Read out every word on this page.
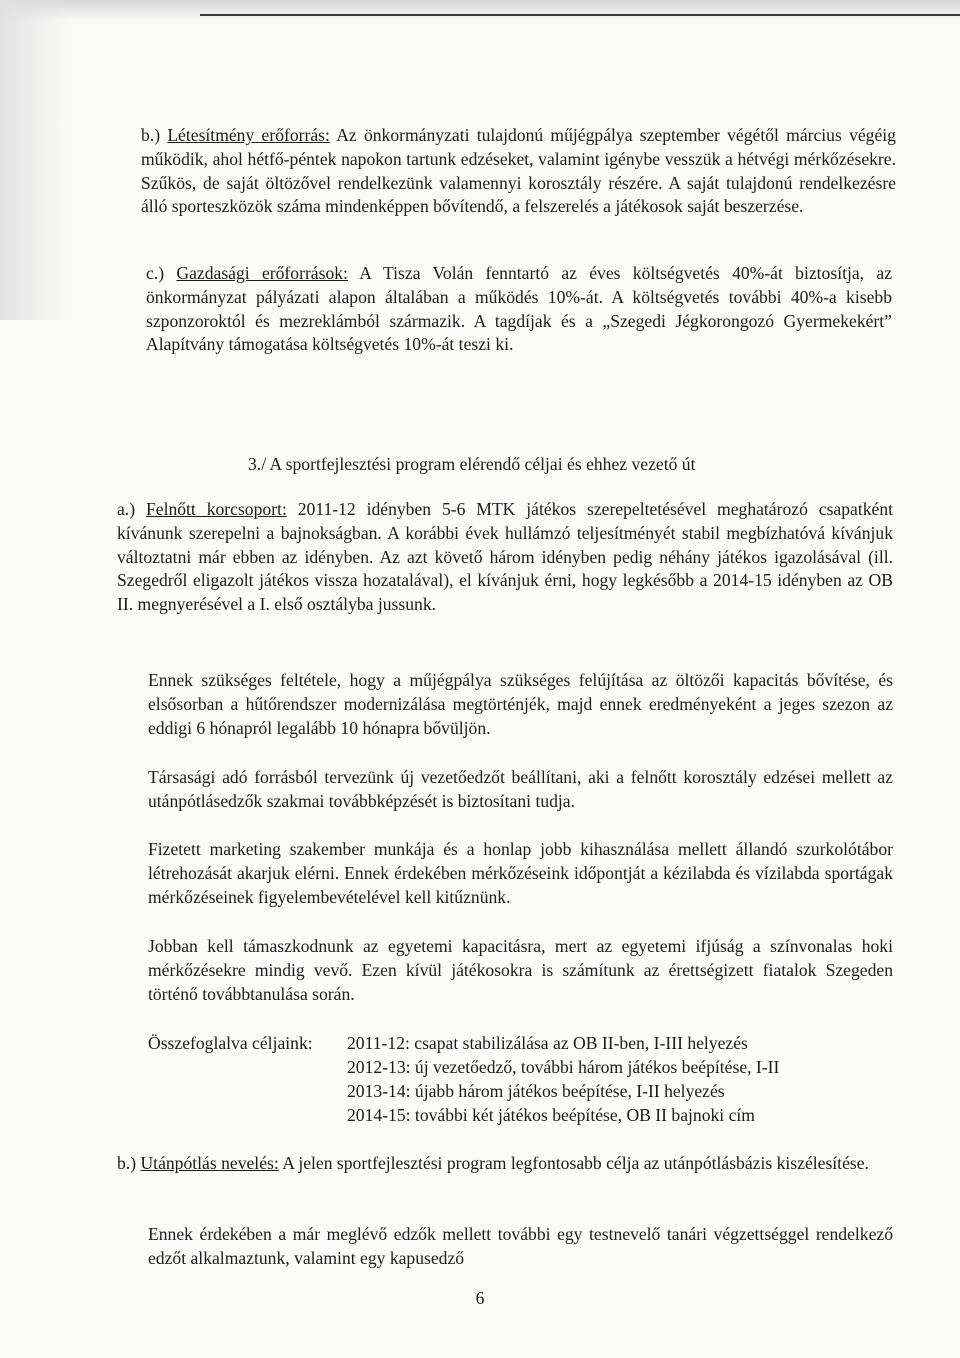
b.) Létesítmény erőforrás: Az önkormányzati tulajdonú műjégpálya szeptember végétől március végéig működik, ahol hétfő-péntek napokon tartunk edzéseket, valamint igénybe vesszük a hétvégi mérkőzésekre. Szűkös, de saját öltözővel rendelkezünk valamennyi korosztály részére. A saját tulajdonú rendelkezésre álló sporteszközök száma mindenképpen bővítendő, a felszerelés a játékosok saját beszerzése.

c.) Gazdasági erőforrások: A Tisza Volán fenntartó az éves költségvetés 40%-át biztosítja, az önkormányzat pályázati alapon általában a működés 10%-át. A költségvetés további 40%-a kisebb szponzoroktól és mezreklámból származik. A tagdíjak és a „Szegedi Jégkorongozó Gyermekekért” Alapítvány támogatása költségvetés 10%-át teszi ki.

3./ A sportfejlesztési program elérendő céljai és ehhez vezető út

a.) Felnőtt korcsoport: 2011-12 idényben 5-6 MTK játékos szerepeltetésével meghatározó csapatként kívánunk szerepelni a bajnokságban. A korábbi évek hullámzó teljesítményét stabil megbízhatóvá kívánjuk változtatni már ebben az idényben. Az azt követő három idényben pedig néhány játékos igazolásával (ill. Szegedről eligazolt játékos vissza hozatalával), el kívánjuk érni, hogy legkésőbb a 2014-15 idényben az OB II. megnyerésével a I. első osztályba jussunk.

Ennek szükséges feltétele, hogy a műjégpálya szükséges felújítása az öltözői kapacitás bővítése, és elsősorban a hűtőrendszer modernizálása megtörténjék, majd ennek eredményeként a jeges szezon az eddigi 6 hónapról legalább 10 hónapra bővüljön.

Társasági adó forrásból tervezünk új vezetőedzőt beállítani, aki a felnőtt korosztály edzései mellett az utánpótlásedzők szakmai továbbképzését is biztosítani tudja.

Fizetett marketing szakember munkája és a honlap jobb kihasználása mellett állandó szurkolótábor létrehozását akarjuk elérni. Ennek érdekében mérkőzéseink időpontját a kézilabda és vízilabda sportágak mérkőzéseinek figyelembevételével kell kitűznünk.

Jobban kell támaszkodnunk az egyetemi kapacitásra, mert az egyetemi ifjúság a színvonalas hoki mérkőzésekre mindig vevő. Ezen kívül játékosokra is számítunk az érettségizett fiatalok Szegeden történő továbbtanulása során.

Összefoglalva céljaink: 2011-12: csapat stabilizálása az OB II-ben, I-III helyezés
2012-13: új vezetőedző, további három játékos beépítése, I-II
2013-14: újabb három játékos beépítése, I-II helyezés
2014-15: további két játékos beépítése, OB II bajnoki cím

b.) Utánpótlás nevelés: A jelen sportfejlesztési program legfontosabb célja az utánpótlásbázis kiszélesítése.

Ennek érdekében a már meglévő edzők mellett további egy testnevelő tanári végzettséggel rendelkező edzőt alkalmaztunk, valamint egy kapusedző

6
